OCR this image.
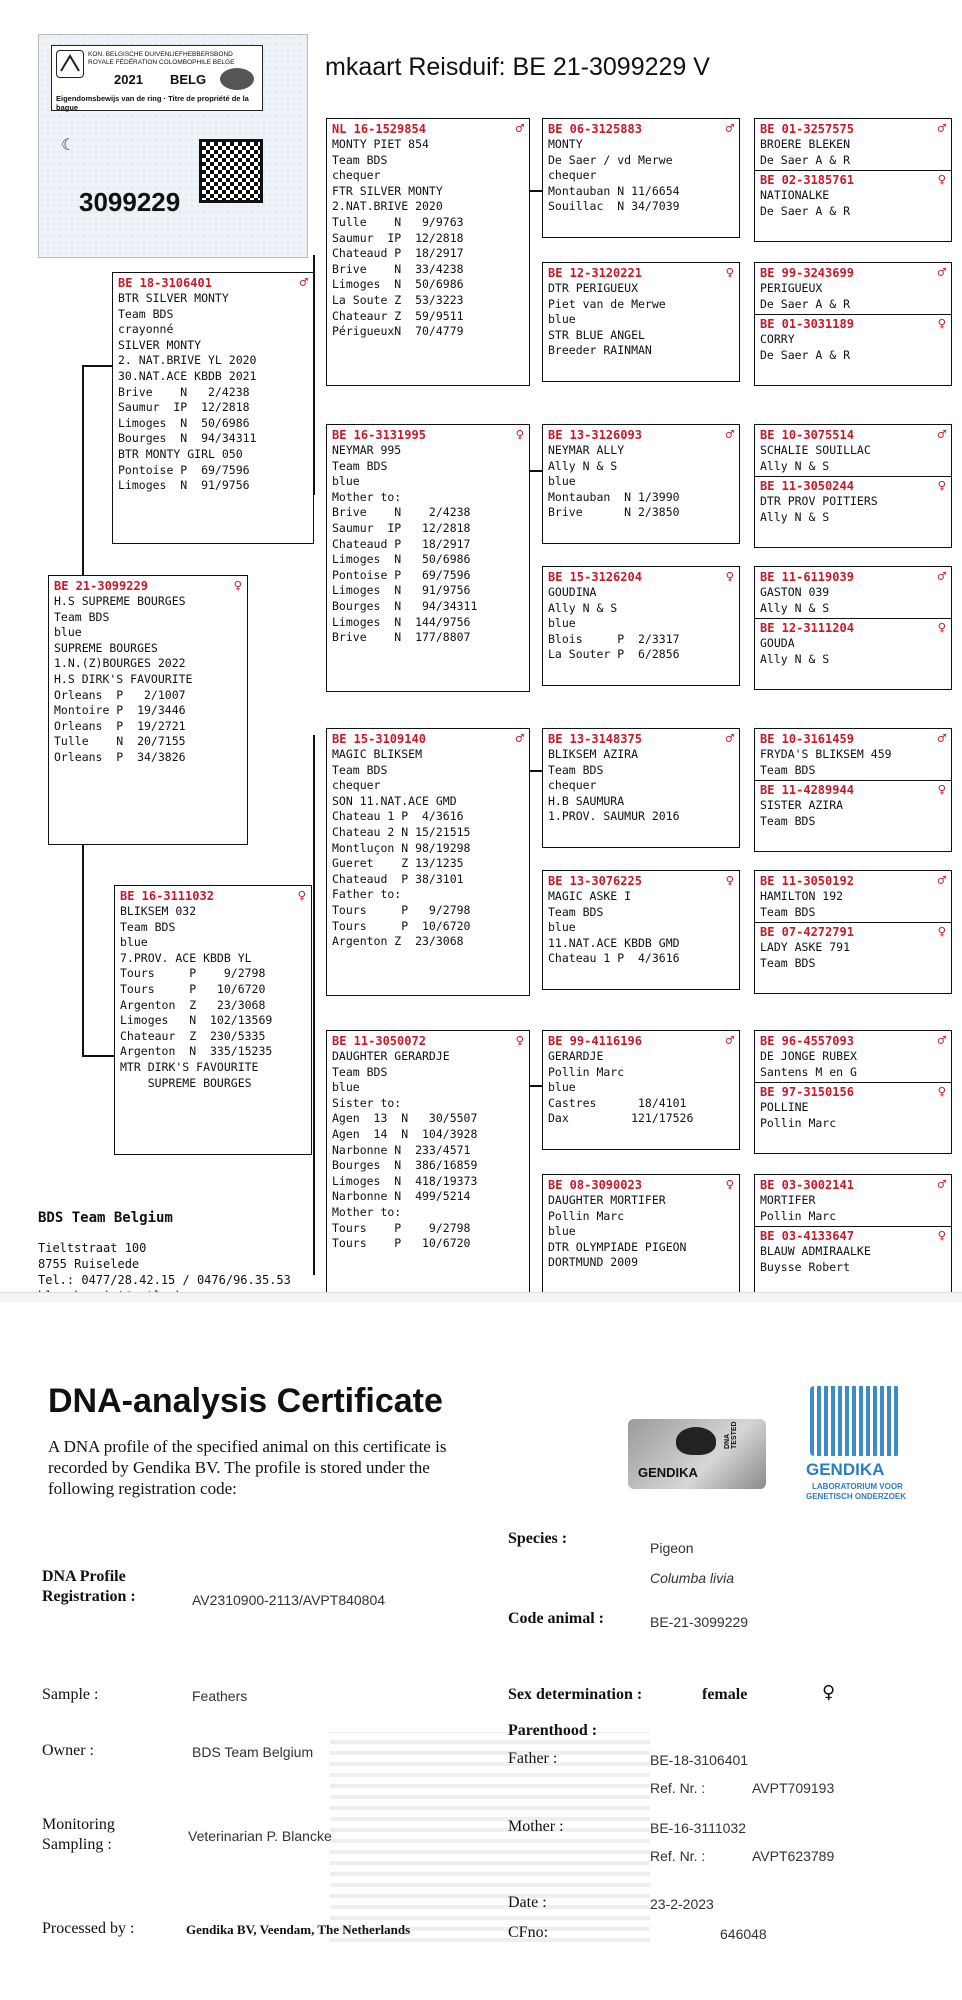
KON. BELGISCHE DUIVENLIEFHEBBERSBOND
ROYALE FÉDÉRATION COLOMBOPHILE BELGE
2021 BELG
Eigendomsbewijs van de ring · Titre de propriété de la bague
☾
3099229
mkaart Reisduif: BE 21-3099229 V
NL 16-1529854	♂
MONTY PIET 854
Team BDS
chequer
FTR SILVER MONTY
2.NAT.BRIVE 2020
Tulle    N   9/9763
Saumur  IP  12/2818
Chateaud P  18/2917
Brive    N  33/4238
Limoges  N  50/6986
La Soute Z  53/3223
Chateaur Z  59/9511
PérigueuxN  70/4779
BE 06-3125883	♂
MONTY
De Saer / vd Merwe
chequer
Montauban N 11/6654
Souillac  N 34/7039
BE 01-3257575	♂
BROERE BLEKEN
De Saer A & R
BE 02-3185761	♀
NATIONALKE
De Saer A & R
BE 12-3120221	♀
DTR PERIGUEUX
Piet van de Merwe
blue
STR BLUE ANGEL
Breeder RAINMAN
BE 99-3243699	♂
PERIGUEUX
De Saer A & R
BE 01-3031189	♀
CORRY
De Saer A & R
BE 18-3106401	♂
BTR SILVER MONTY
Team BDS
crayonné
SILVER MONTY
2. NAT.BRIVE YL 2020
30.NAT.ACE KBDB 2021
Brive    N   2/4238
Saumur  IP  12/2818
Limoges  N  50/6986
Bourges  N  94/34311
BTR MONTY GIRL 050
Pontoise P  69/7596
Limoges  N  91/9756
BE 16-3131995	♀
NEYMAR 995
Team BDS
blue
Mother to:
Brive    N    2/4238
Saumur  IP   12/2818
Chateaud P   18/2917
Limoges  N   50/6986
Pontoise P   69/7596
Limoges  N   91/9756
Bourges  N   94/34311
Limoges  N  144/9756
Brive    N  177/8807
BE 13-3126093	♂
NEYMAR ALLY
Ally N & S
blue
Montauban  N 1/3990
Brive      N 2/3850
BE 10-3075514	♂
SCHALIE SOUILLAC
Ally N & S
BE 11-3050244	♀
DTR PROV POITIERS
Ally N & S
BE 15-3126204	♀
GOUDINA
Ally N & S
blue
Blois     P  2/3317
La Souter P  6/2856
BE 11-6119039	♂
GASTON 039
Ally N & S
BE 12-3111204	♀
GOUDA
Ally N & S
BE 21-3099229	♀
H.S SUPREME BOURGES
Team BDS
blue
SUPREME BOURGES
1.N.(Z)BOURGES 2022
H.S DIRK'S FAVOURITE
Orleans  P   2/1007
Montoire P  19/3446
Orleans  P  19/2721
Tulle    N  20/7155
Orleans  P  34/3826
BE 15-3109140	♂
MAGIC BLIKSEM
Team BDS
chequer
SON 11.NAT.ACE GMD
Chateau 1 P  4/3616
Chateau 2 N 15/21515
Montluçon N 98/19298
Gueret    Z 13/1235
Chateaud  P 38/3101
Father to:
Tours     P   9/2798
Tours     P  10/6720
Argenton Z  23/3068
BE 13-3148375	♂
BLIKSEM AZIRA
Team BDS
chequer
H.B SAUMURA
1.PROV. SAUMUR 2016
BE 10-3161459	♂
FRYDA'S BLIKSEM 459
Team BDS
BE 11-4289944	♀
SISTER AZIRA
Team BDS
BE 13-3076225	♀
MAGIC ASKE I
Team BDS
blue
11.NAT.ACE KBDB GMD
Chateau 1 P  4/3616
BE 11-3050192	♂
HAMILTON 192
Team BDS
BE 07-4272791	♀
LADY ASKE 791
Team BDS
BE 16-3111032	♀
BLIKSEM 032
Team BDS
blue
7.PROV. ACE KBDB YL
Tours     P    9/2798
Tours     P   10/6720
Argenton  Z   23/3068
Limoges   N  102/13569
Chateaur  Z  230/5335
Argenton  N  335/15235
MTR DIRK'S FAVOURITE
SUPREME BOURGES
BE 11-3050072	♀
DAUGHTER GERARDJE
Team BDS
blue
Sister to:
Agen  13  N   30/5507
Agen  14  N  104/3928
Narbonne N  233/4571
Bourges  N  386/16859
Limoges  N  418/19373
Narbonne N  499/5214
Mother to:
Tours    P    9/2798
Tours    P   10/6720
BE 99-4116196	♂
GERARDJE
Pollin Marc
blue
Castres      18/4101
Dax         121/17526
BE 96-4557093	♂
DE JONGE RUBEX
Santens M en G
BE 97-3150156	♀
POLLINE
Pollin Marc
BE 08-3090023	♀
DAUGHTER MORTIFER
Pollin Marc
blue
DTR OLYMPIADE PIGEON
DORTMUND 2009
BE 03-3002141	♂
MORTIFER
Pollin Marc
BE 03-4133647	♀
BLAUW ADMIRAALKE
Buysse Robert
BDS Team Belgium
Tieltstraat 100
8755 Ruiselede
Tel.: 0477/28.42.15 / 0476/96.35.53
DNA-analysis Certificate
A DNA profile of the specified animal on this certificate is recorded by Gendika BV. The profile is stored under the following registration code:
GENDIKA
DNA TESTED
GENDIKA
LABORATORIUM VOOR
GENETISCH ONDERZOEK
Species :
Pigeon
Columba livia
DNA Profile
Registration :	AV2310900-2113/AVPT840804
Code animal :	BE-21-3099229
Sample :	Feathers	Sex determination :	female	♀
Parenthood :
Owner :	BDS Team Belgium	Father :	BE-18-3106401
Ref. Nr. :	AVPT709193
Mother :	BE-16-3111032
Ref. Nr. :	AVPT623789
Monitoring
Sampling :	Veterinarian P. Blancke
Date :	23-2-2023
Processed by :	Gendika BV, Veendam, The Netherlands	CFno:	646048
